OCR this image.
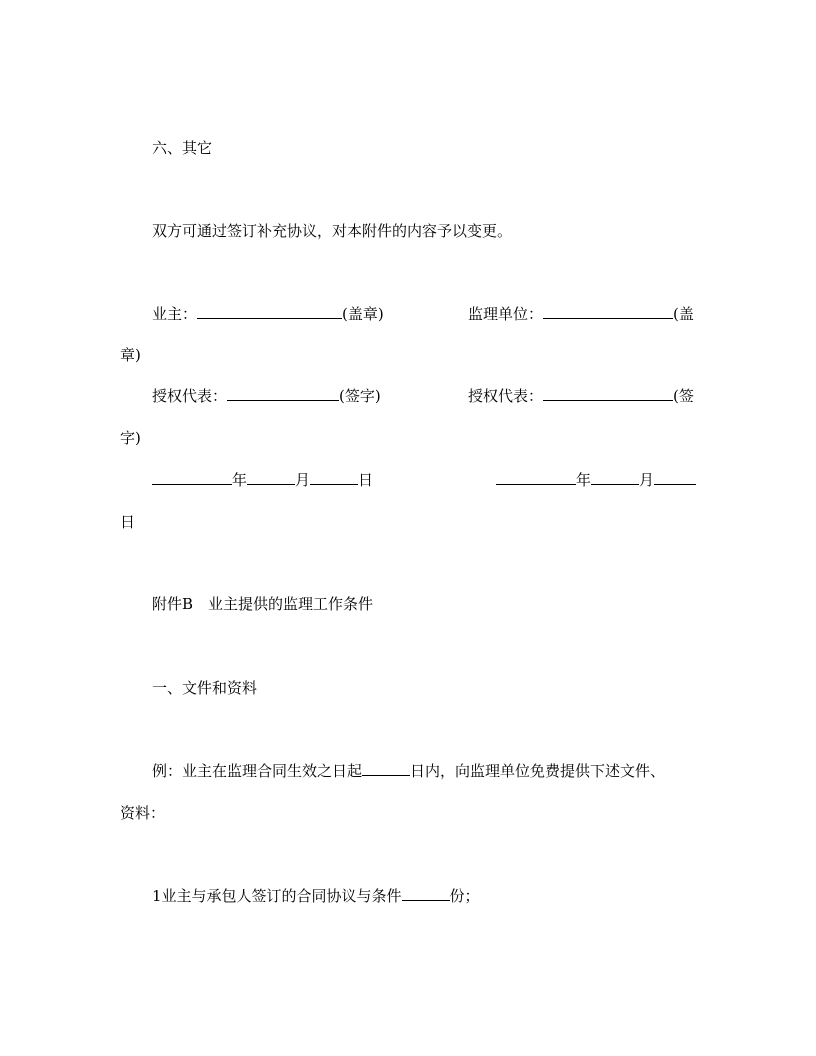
六、其它
双方可通过签订补充协议，对本附件的内容予以变更。
业主：	(盖章)	监理单位：	(盖
章)
授权代表：	(签字)	授权代表：	(签
字)
年	月	日	年	月
日
附件B　业主提供的监理工作条件
一、文件和资料
例：业主在监理合同生效之日起	日内，向监理单位免费提供下述文件、
资料：
1业主与承包人签订的合同协议与条件	份；
